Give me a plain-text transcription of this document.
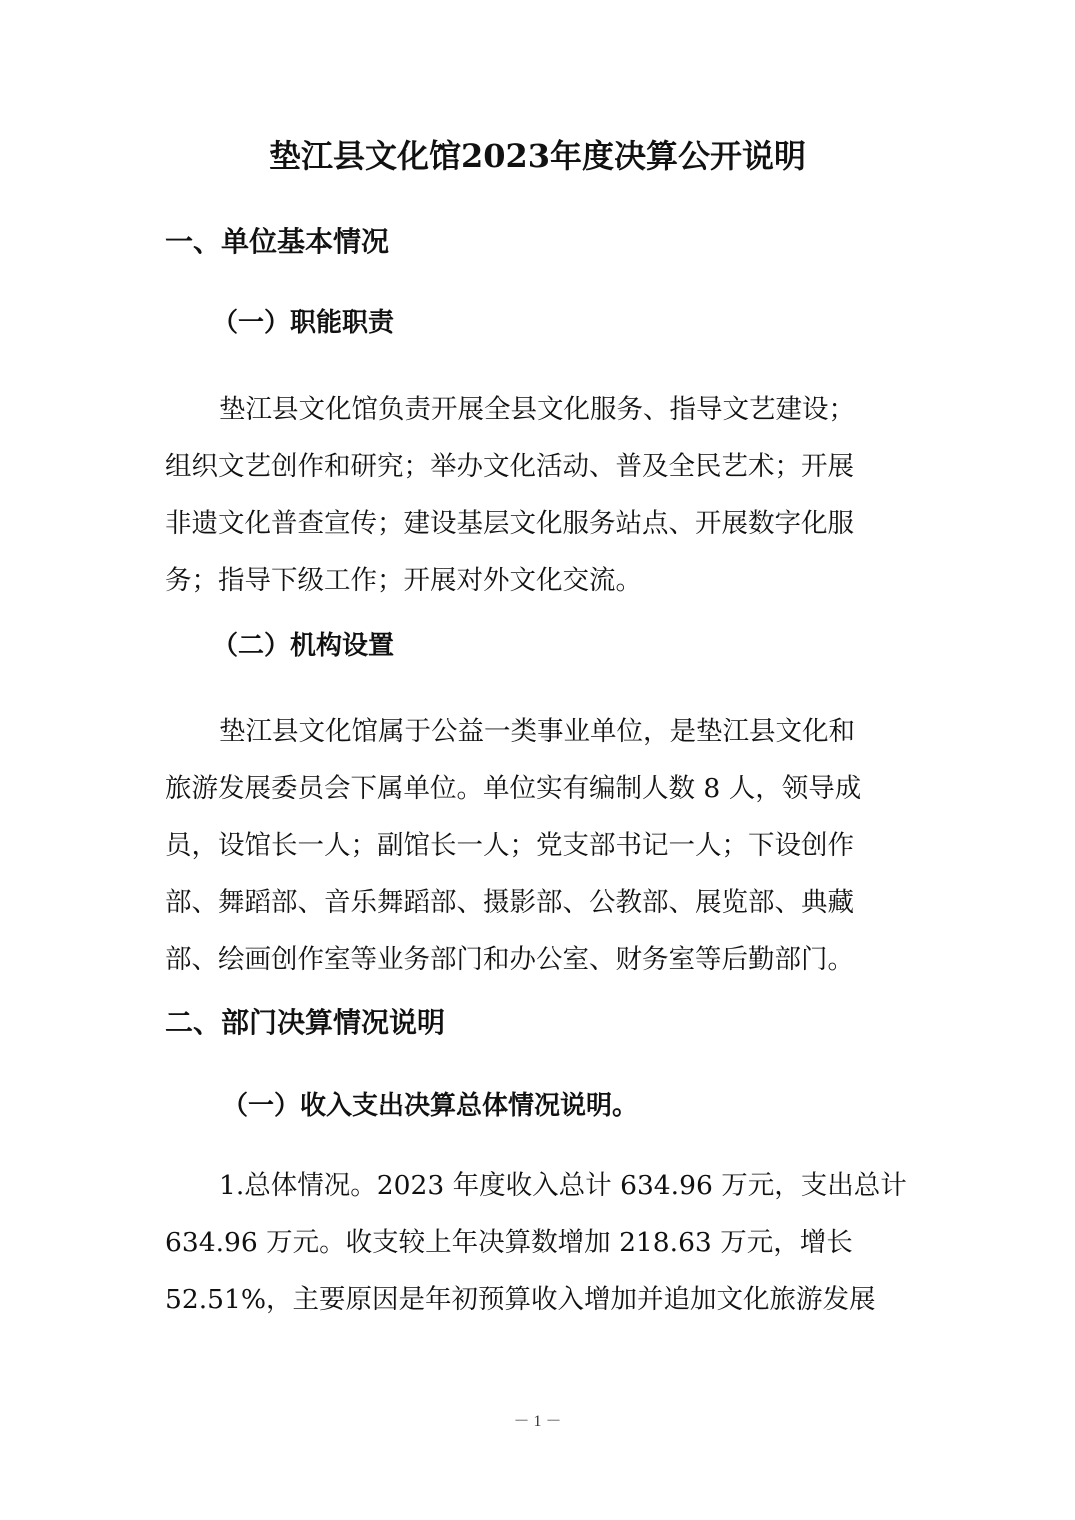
垫江县文化馆2023年度决算公开说明
一、单位基本情况
（一）职能职责
垫江县文化馆负责开展全县文化服务、指导文艺建设；
组织文艺创作和研究；举办文化活动、普及全民艺术；开展
非遗文化普查宣传；建设基层文化服务站点、开展数字化服
务；指导下级工作；开展对外文化交流。
（二）机构设置
垫江县文化馆属于公益一类事业单位，是垫江县文化和
旅游发展委员会下属单位。单位实有编制人数 8 人，领导成
员，设馆长一人；副馆长一人；党支部书记一人；下设创作
部、舞蹈部、音乐舞蹈部、摄影部、公教部、展览部、典藏
部、绘画创作室等业务部门和办公室、财务室等后勤部门。
二、部门决算情况说明
（一）收入支出决算总体情况说明。
1.总体情况。2023 年度收入总计 634.96 万元，支出总计
634.96 万元。收支较上年决算数增加 218.63 万元，增长
52.51%，主要原因是年初预算收入增加并追加文化旅游发展
－ 1 －
